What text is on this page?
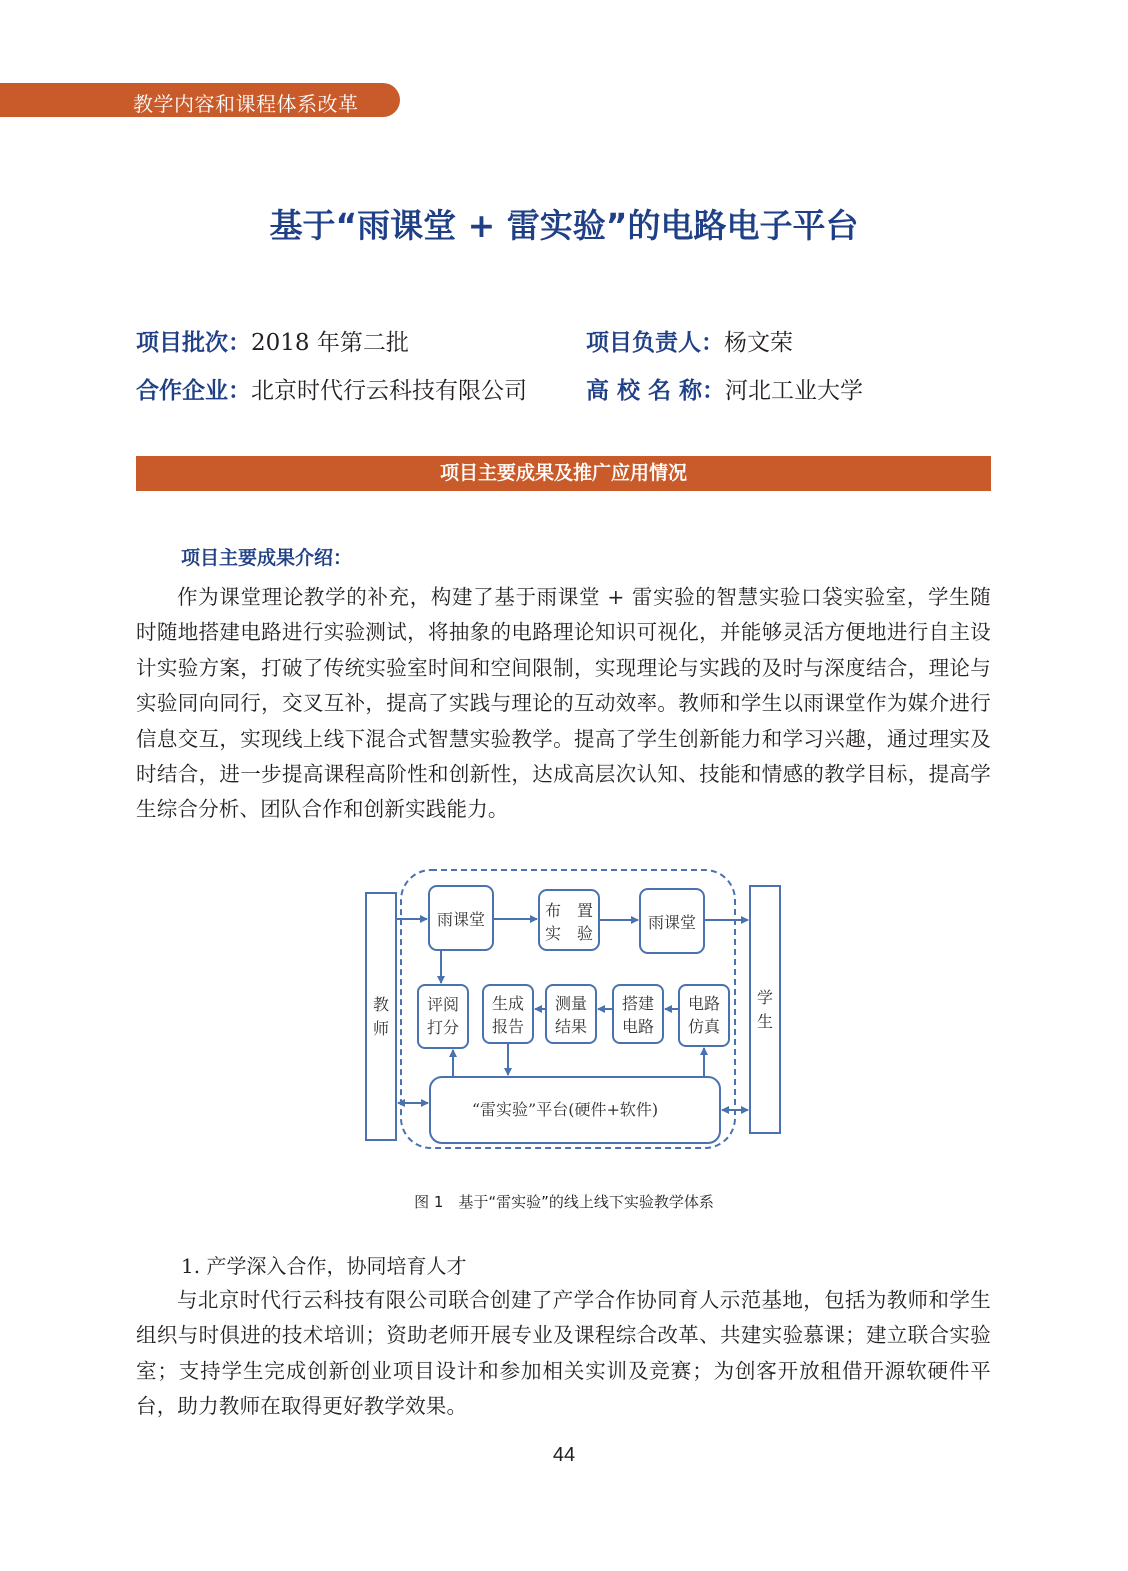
教学内容和课程体系改革
基于“雨课堂 + 雷实验”的电路电子平台
项目批次：2018 年第二批	项目负责人：杨文荣
合作企业：北京时代行云科技有限公司	高 校 名 称：河北工业大学
项目主要成果及推广应用情况
项目主要成果介绍：

作为课堂理论教学的补充，构建了基于雨课堂 + 雷实验的智慧实验口袋实验室，学生随时随地搭建电路进行实验测试，将抽象的电路理论知识可视化，并能够灵活方便地进行自主设计实验方案，打破了传统实验室时间和空间限制，实现理论与实践的及时与深度结合，理论与实验同向同行，交叉互补，提高了实践与理论的互动效率。教师和学生以雨课堂作为媒介进行信息交互，实现线上线下混合式智慧实验教学。提高了学生创新能力和学习兴趣，通过理实及时结合，进一步提高课程高阶性和创新性，达成高层次认知、技能和情感的教学目标，提高学生综合分析、团队合作和创新实践能力。

教
师
学
生
雨课堂	布　置
实　验
雨课堂
评阅
打分
生成
报告
测量
结果
搭建
电路
电路
仿真
“雷实验”平台(硬件+软件)
图 1　基于“雷实验”的线上线下实验教学体系
1. 产学深入合作，协同培育人才

与北京时代行云科技有限公司联合创建了产学合作协同育人示范基地，包括为教师和学生组织与时俱进的技术培训；资助老师开展专业及课程综合改革、共建实验慕课；建立联合实验室；支持学生完成创新创业项目设计和参加相关实训及竞赛；为创客开放租借开源软硬件平台，助力教师在取得更好教学效果。

44
